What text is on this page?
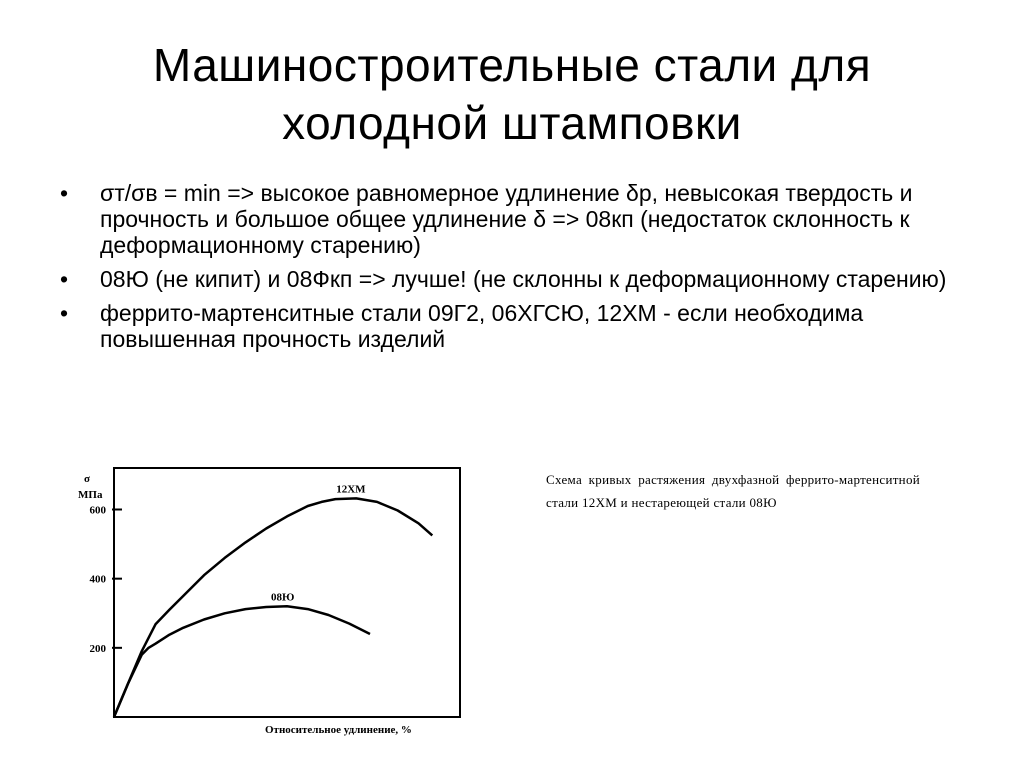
Машиностроительные стали для
холодной штамповки
• σт/σв = min => высокое равномерное удлинение δр, невысокая твердость и прочность и большое общее удлинение δ => 08кп (недостаток склонность к деформационному старению)
• 08Ю (не кипит) и 08Фкп => лучше! (не склонны к деформационному старению)
• феррито-мартенситные стали 09Г2, 06ХГСЮ, 12ХМ - если необходима повышенная прочность изделий
Схема кривых растяжения двухфазной феррито-мартенситной стали 12ХМ и нестареющей стали 08Ю
σ
МПа
Относительное удлинение, %
200
400
600
12ХМ
08Ю
